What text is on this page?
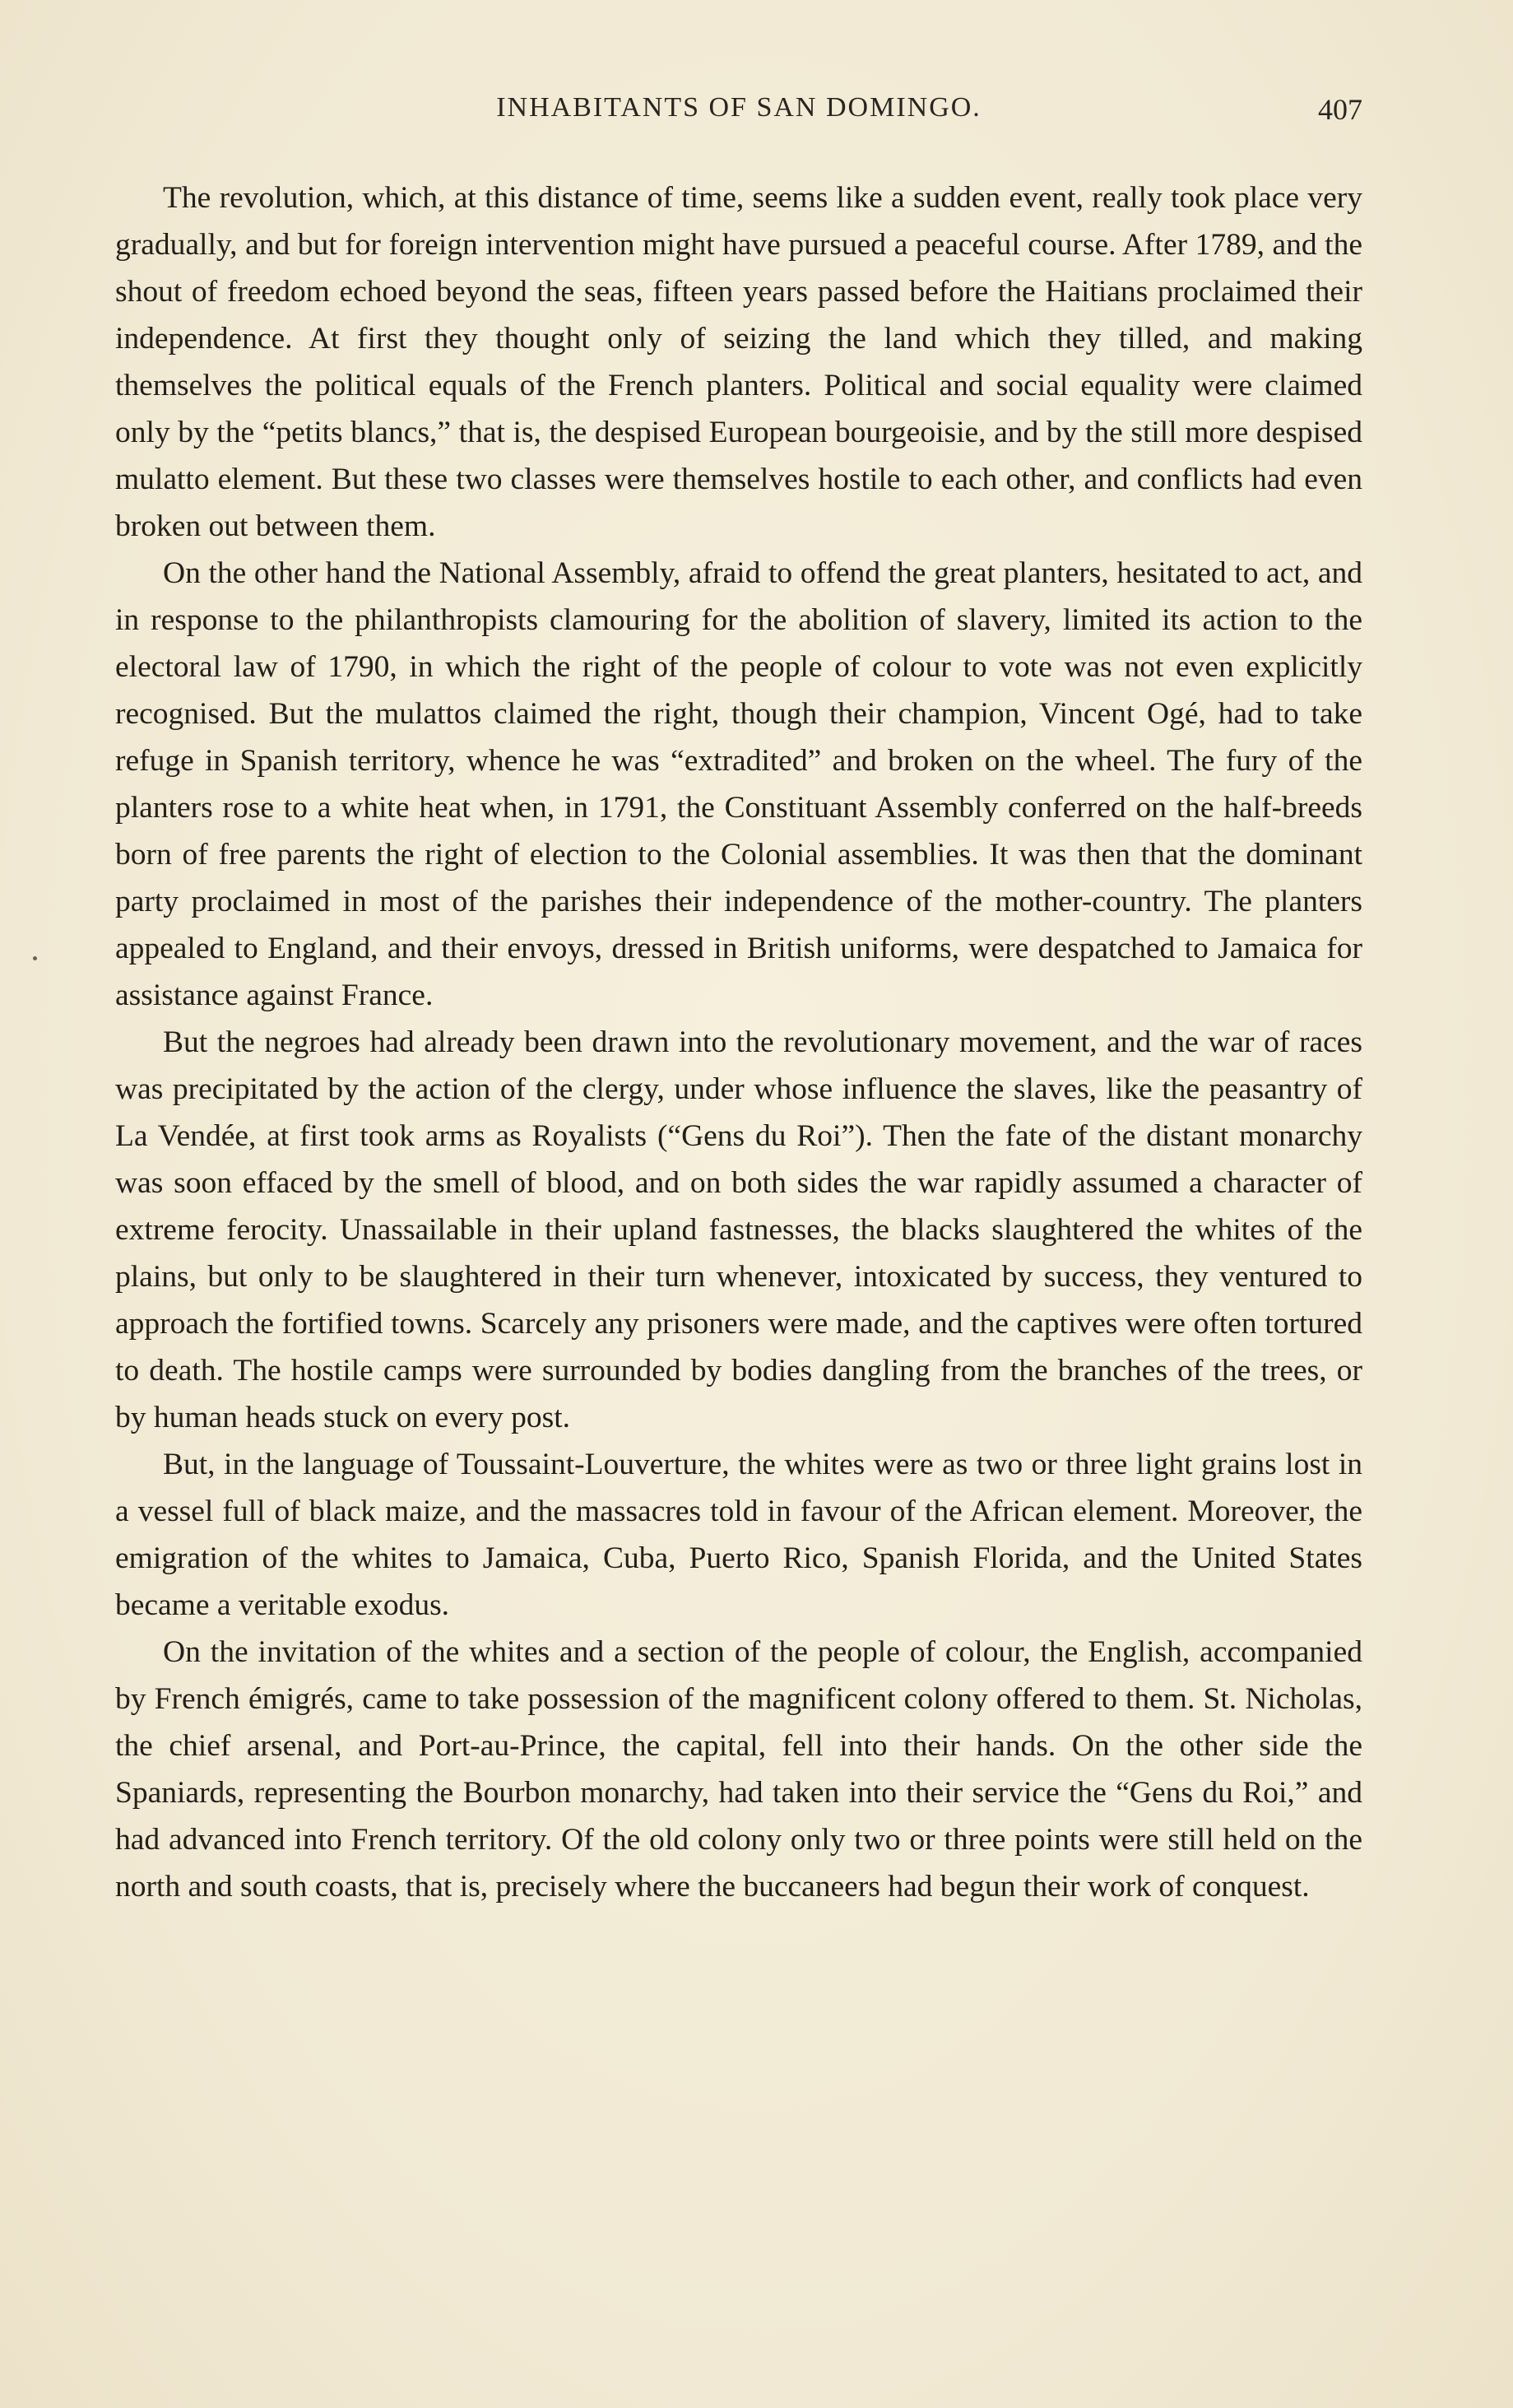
INHABITANTS OF SAN DOMINGO.	407

The revolution, which, at this distance of time, seems like a sudden event, really took place very gradually, and but for foreign intervention might have pursued a peaceful course. After 1789, and the shout of freedom echoed beyond the seas, fifteen years passed before the Haitians proclaimed their independence. At first they thought only of seizing the land which they tilled, and making themselves the political equals of the French planters. Political and social equality were claimed only by the “petits blancs,” that is, the despised European bourgeoisie, and by the still more despised mulatto element. But these two classes were themselves hostile to each other, and conflicts had even broken out between them.

On the other hand the National Assembly, afraid to offend the great planters, hesitated to act, and in response to the philanthropists clamouring for the abolition of slavery, limited its action to the electoral law of 1790, in which the right of the people of colour to vote was not even explicitly recognised. But the mulattos claimed the right, though their champion, Vincent Ogé, had to take refuge in Spanish territory, whence he was “extradited” and broken on the wheel. The fury of the planters rose to a white heat when, in 1791, the Constituant Assembly conferred on the half-breeds born of free parents the right of election to the Colonial assemblies. It was then that the dominant party proclaimed in most of the parishes their independence of the mother-country. The planters appealed to England, and their envoys, dressed in British uniforms, were despatched to Jamaica for assistance against France.

But the negroes had already been drawn into the revolutionary movement, and the war of races was precipitated by the action of the clergy, under whose influence the slaves, like the peasantry of La Vendée, at first took arms as Royalists (“Gens du Roi”). Then the fate of the distant monarchy was soon effaced by the smell of blood, and on both sides the war rapidly assumed a character of extreme ferocity. Unassailable in their upland fastnesses, the blacks slaughtered the whites of the plains, but only to be slaughtered in their turn whenever, intoxicated by success, they ventured to approach the fortified towns. Scarcely any prisoners were made, and the captives were often tortured to death. The hostile camps were surrounded by bodies dangling from the branches of the trees, or by human heads stuck on every post.

But, in the language of Toussaint-Louverture, the whites were as two or three light grains lost in a vessel full of black maize, and the massacres told in favour of the African element. Moreover, the emigration of the whites to Jamaica, Cuba, Puerto Rico, Spanish Florida, and the United States became a veritable exodus.

On the invitation of the whites and a section of the people of colour, the English, accompanied by French émigrés, came to take possession of the magnificent colony offered to them. St. Nicholas, the chief arsenal, and Port-au-Prince, the capital, fell into their hands. On the other side the Spaniards, representing the Bourbon monarchy, had taken into their service the “Gens du Roi,” and had advanced into French territory. Of the old colony only two or three points were still held on the north and south coasts, that is, precisely where the buccaneers had begun their work of conquest.
